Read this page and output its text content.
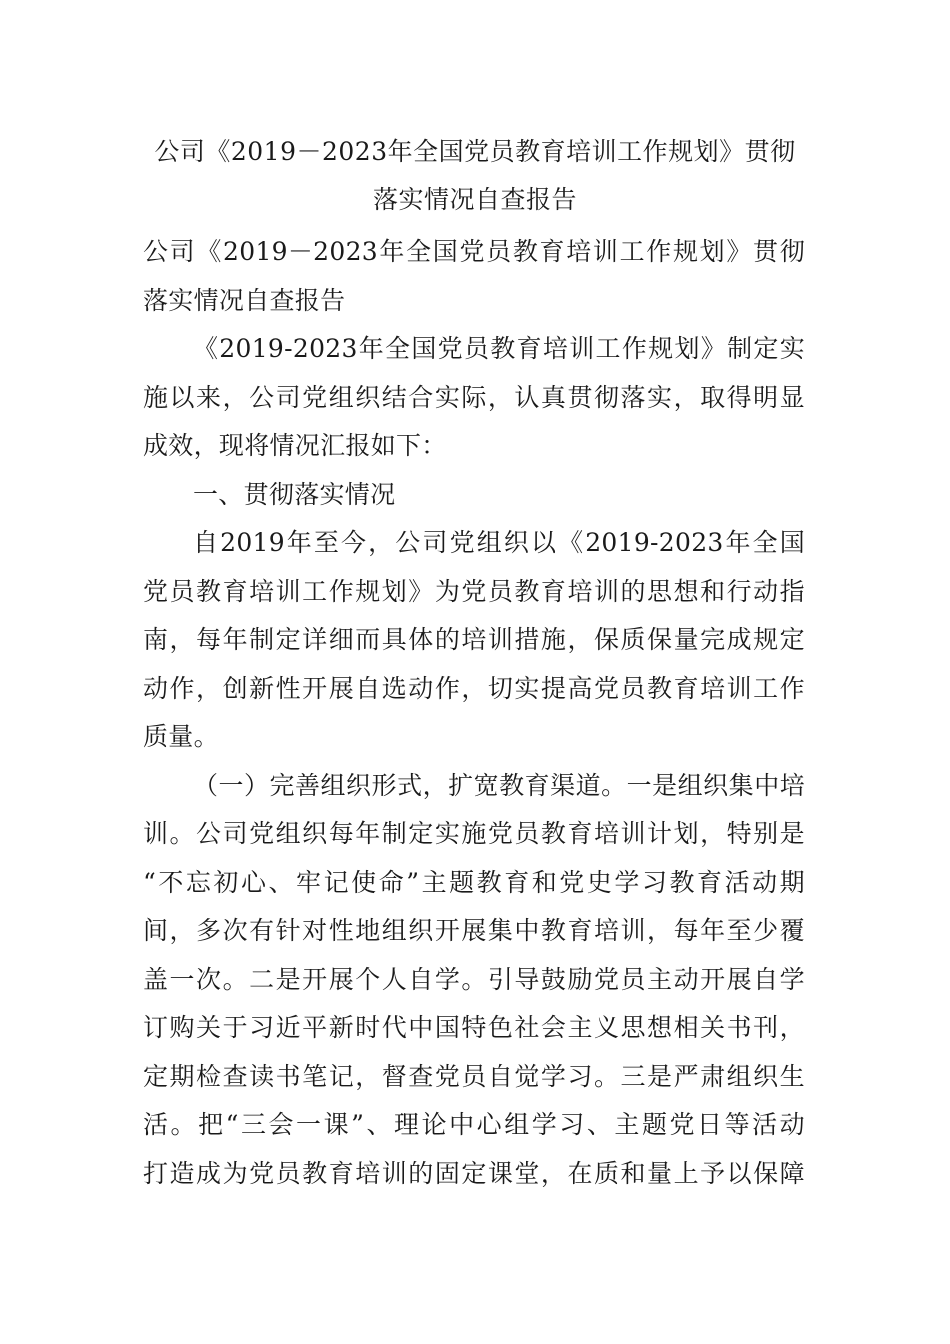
公司《2019－2023年全国党员教育培训工作规划》贯彻
落实情况自查报告
公司《2019－2023年全国党员教育培训工作规划》贯彻
落实情况自查报告
《2019-2023年全国党员教育培训工作规划》制定实
施以来，公司党组织结合实际，认真贯彻落实，取得明显
成效，现将情况汇报如下：
一、贯彻落实情况
自2019年至今，公司党组织以《2019-2023年全国
党员教育培训工作规划》为党员教育培训的思想和行动指
南，每年制定详细而具体的培训措施，保质保量完成规定
动作，创新性开展自选动作，切实提高党员教育培训工作
质量。
（一）完善组织形式，扩宽教育渠道。一是组织集中培
训。公司党组织每年制定实施党员教育培训计划，特别是
“不忘初心、牢记使命”主题教育和党史学习教育活动期
间，多次有针对性地组织开展集中教育培训，每年至少覆
盖一次。二是开展个人自学。引导鼓励党员主动开展自学
订购关于习近平新时代中国特色社会主义思想相关书刊，
定期检查读书笔记，督查党员自觉学习。三是严肃组织生
活。把“三会一课”、理论中心组学习、主题党日等活动
打造成为党员教育培训的固定课堂，在质和量上予以保障
